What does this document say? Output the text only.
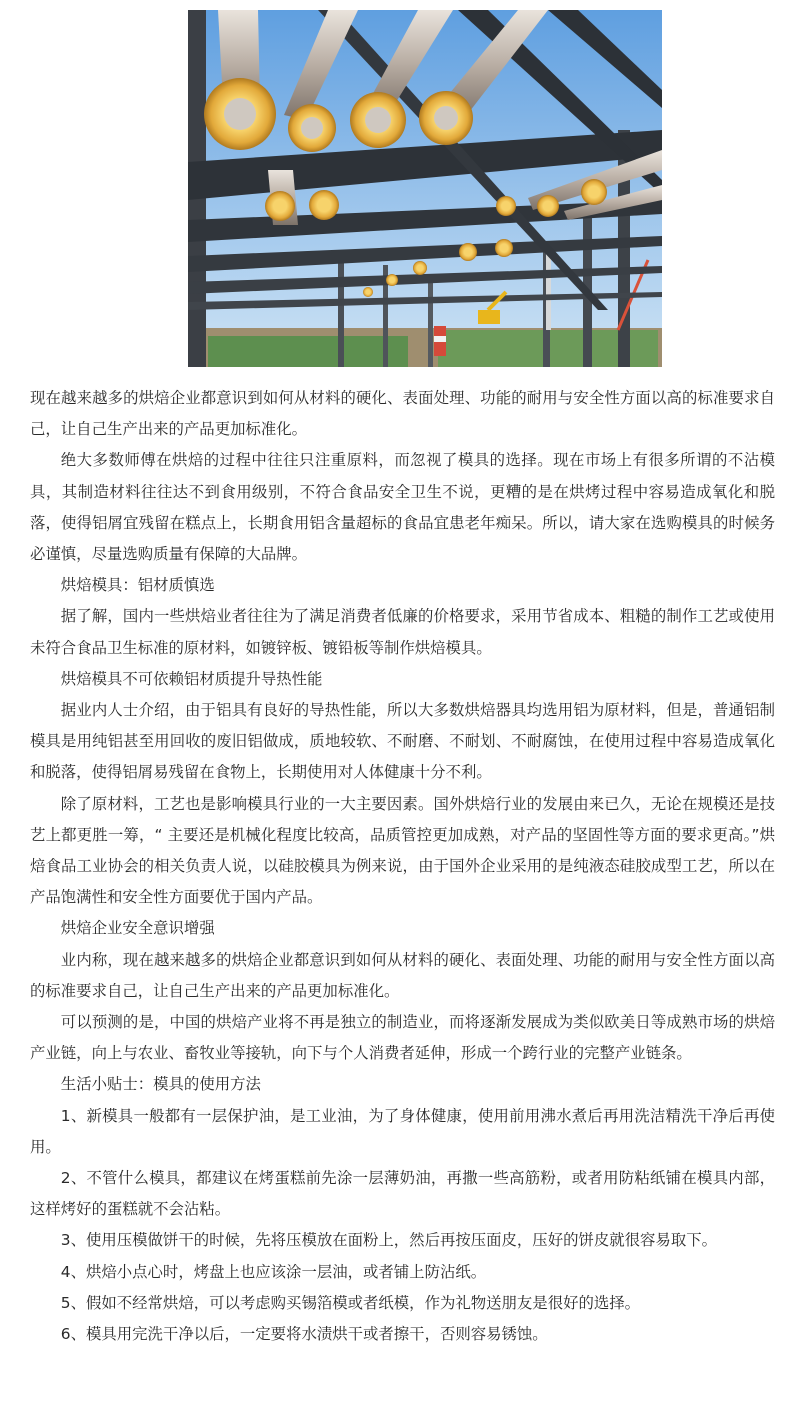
现在越来越多的烘焙企业都意识到如何从材料的硬化、表面处理、功能的耐用与安全性方面以高的标准要求自己，让自己生产出来的产品更加标准化。

绝大多数师傅在烘焙的过程中往往只注重原料，而忽视了模具的选择。现在市场上有很多所谓的不沾模具，其制造材料往往达不到食用级别，不符合食品安全卫生不说，更糟的是在烘烤过程中容易造成氧化和脱落，使得铝屑宜残留在糕点上，长期食用铝含量超标的食品宜患老年痴呆。所以，请大家在选购模具的时候务必谨慎，尽量选购质量有保障的大品牌。

烘焙模具：铝材质慎选

据了解，国内一些烘焙业者往往为了满足消费者低廉的价格要求，采用节省成本、粗糙的制作工艺或使用未符合食品卫生标准的原材料，如镀锌板、镀铅板等制作烘焙模具。

烘焙模具不可依赖铝材质提升导热性能

据业内人士介绍，由于铝具有良好的导热性能，所以大多数烘焙器具均选用铝为原材料，但是，普通铝制模具是用纯铝甚至用回收的废旧铝做成，质地较软、不耐磨、不耐划、不耐腐蚀，在使用过程中容易造成氧化和脱落，使得铝屑易残留在食物上，长期使用对人体健康十分不利。

除了原材料，工艺也是影响模具行业的一大主要因素。国外烘焙行业的发展由来已久，无论在规模还是技艺上都更胜一筹，“ 主要还是机械化程度比较高，品质管控更加成熟，对产品的坚固性等方面的要求更高。”烘焙食品工业协会的相关负责人说，以硅胶模具为例来说，由于国外企业采用的是纯液态硅胶成型工艺，所以在产品饱满性和安全性方面要优于国内产品。

烘焙企业安全意识增强

业内称，现在越来越多的烘焙企业都意识到如何从材料的硬化、表面处理、功能的耐用与安全性方面以高的标准要求自己，让自己生产出来的产品更加标准化。

可以预测的是，中国的烘焙产业将不再是独立的制造业，而将逐渐发展成为类似欧美日等成熟市场的烘焙产业链，向上与农业、畜牧业等接轨，向下与个人消费者延伸，形成一个跨行业的完整产业链条。

生活小贴士：模具的使用方法

1、新模具一般都有一层保护油，是工业油，为了身体健康，使用前用沸水煮后再用洗洁精洗干净后再使用。

2、不管什么模具，都建议在烤蛋糕前先涂一层薄奶油，再撒一些高筋粉，或者用防粘纸铺在模具内部，这样烤好的蛋糕就不会沾粘。

3、使用压模做饼干的时候，先将压模放在面粉上，然后再按压面皮，压好的饼皮就很容易取下。

4、烘焙小点心时，烤盘上也应该涂一层油，或者铺上防沾纸。

5、假如不经常烘焙，可以考虑购买锡箔模或者纸模，作为礼物送朋友是很好的选择。

6、模具用完洗干净以后，一定要将水渍烘干或者擦干，否则容易锈蚀。
